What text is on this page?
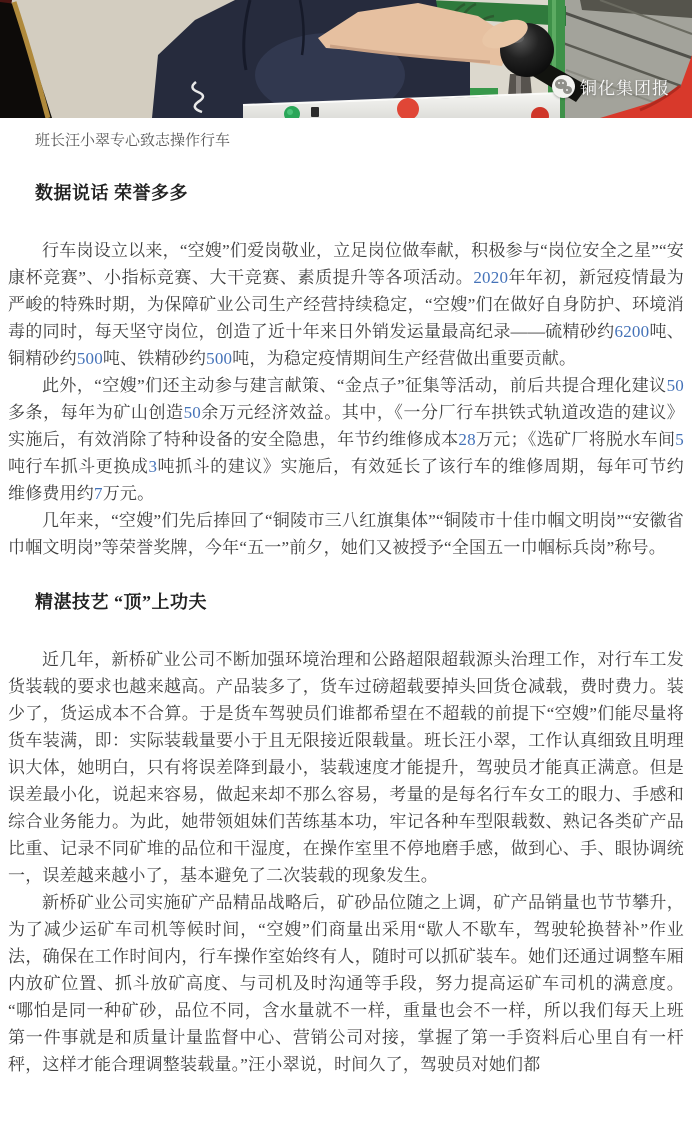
铜化集团报

班长汪小翠专心致志操作行车

数据说话 荣誉多多

行车岗设立以来，“空嫂”们爱岗敬业，立足岗位做奉献，积极参与“岗位安全之星”“安康杯竞赛”、小指标竞赛、大干竞赛、素质提升等各项活动。2020年年初，新冠疫情最为严峻的特殊时期，为保障矿业公司生产经营持续稳定，“空嫂”们在做好自身防护、环境消毒的同时，每天坚守岗位，创造了近十年来日外销发运量最高纪录——硫精砂约6200吨、铜精砂约500吨、铁精砂约500吨，为稳定疫情期间生产经营做出重要贡献。

此外，“空嫂”们还主动参与建言献策、“金点子”征集等活动，前后共提合理化建议50多条，每年为矿山创造50余万元经济效益。其中，《一分厂行车拱铁式轨道改造的建议》实施后，有效消除了特种设备的安全隐患，年节约维修成本28万元；《选矿厂将脱水车间5吨行车抓斗更换成3吨抓斗的建议》实施后，有效延长了该行车的维修周期，每年可节约维修费用约7万元。

几年来，“空嫂”们先后捧回了“铜陵市三八红旗集体”“铜陵市十佳巾帼文明岗”“安徽省巾帼文明岗”等荣誉奖牌，今年“五一”前夕，她们又被授予“全国五一巾帼标兵岗”称号。

精湛技艺 “顶”上功夫

近几年，新桥矿业公司不断加强环境治理和公路超限超载源头治理工作，对行车工发货装载的要求也越来越高。产品装多了，货车过磅超载要掉头回货仓减载，费时费力。装少了，货运成本不合算。于是货车驾驶员们谁都希望在不超载的前提下“空嫂”们能尽量将货车装满，即：实际装载量要小于且无限接近限载量。班长汪小翠，工作认真细致且明理识大体，她明白，只有将误差降到最小，装载速度才能提升，驾驶员才能真正满意。但是误差最小化，说起来容易，做起来却不那么容易，考量的是每名行车女工的眼力、手感和综合业务能力。为此，她带领姐妹们苦练基本功，牢记各种车型限载数、熟记各类矿产品比重、记录不同矿堆的品位和干湿度，在操作室里不停地磨手感，做到心、手、眼协调统一，误差越来越小了，基本避免了二次装载的现象发生。

新桥矿业公司实施矿产品精品战略后，矿砂品位随之上调，矿产品销量也节节攀升，为了减少运矿车司机等候时间，“空嫂”们商量出采用“歇人不歇车，驾驶轮换替补”作业法，确保在工作时间内，行车操作室始终有人，随时可以抓矿装车。她们还通过调整车厢内放矿位置、抓斗放矿高度、与司机及时沟通等手段，努力提高运矿车司机的满意度。“哪怕是同一种矿砂，品位不同，含水量就不一样，重量也会不一样，所以我们每天上班第一件事就是和质量计量监督中心、营销公司对接，掌握了第一手资料后心里自有一杆秤，这样才能合理调整装载量。”汪小翠说，时间久了，驾驶员对她们都
